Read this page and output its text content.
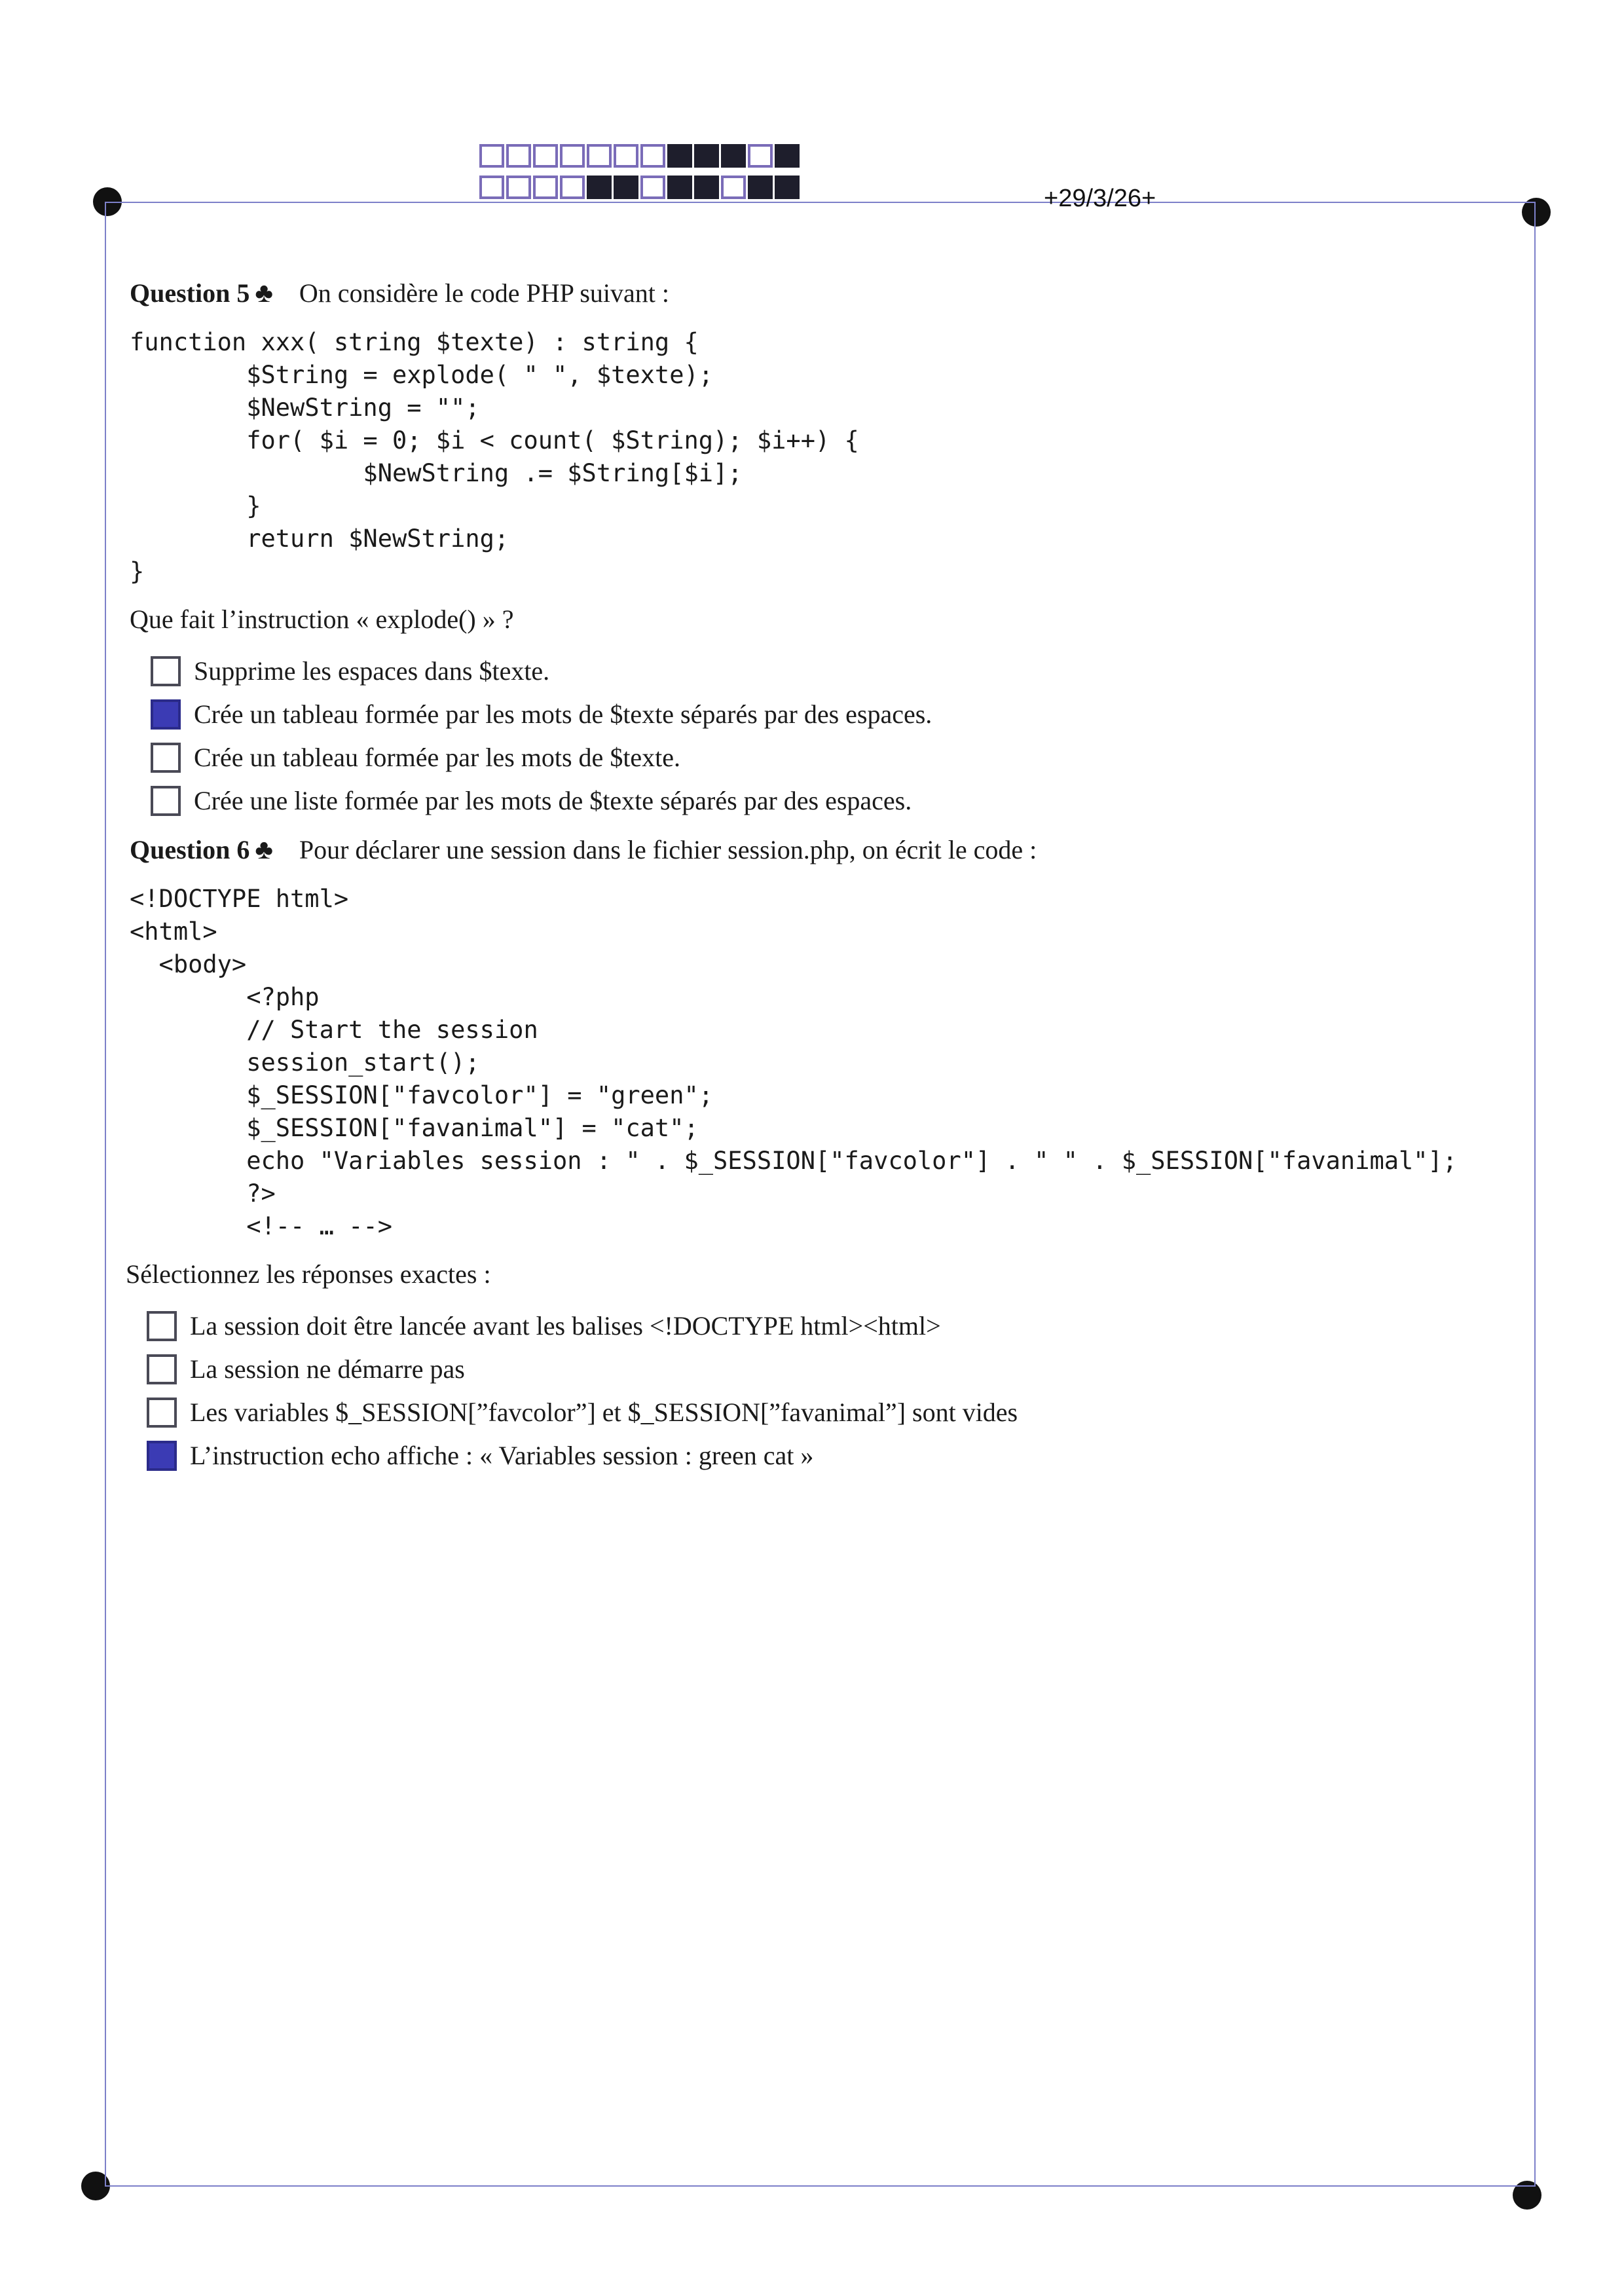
+29/3/26+
Question 5 ♣ On considère le code PHP suivant :
function xxx( string $texte) : string {
$String = explode( " ", $texte);
$NewString = "";
for( $i = 0; $i < count( $String); $i++) {
$NewString .= $String[$i];
}
return $NewString;
}
Que fait l’instruction « explode() » ?
Supprime les espaces dans $texte.
Crée un tableau formée par les mots de $texte séparés par des espaces.
Crée un tableau formée par les mots de $texte.
Crée une liste formée par les mots de $texte séparés par des espaces.
Question 6 ♣ Pour déclarer une session dans le fichier session.php, on écrit le code :
<!DOCTYPE html>
<html>
<body>
<?php
// Start the session
session_start();
$_SESSION["favcolor"] = "green";
$_SESSION["favanimal"] = "cat";
echo "Variables session : " . $_SESSION["favcolor"] . " " . $_SESSION["favanimal"];
?>
<!-- … -->
Sélectionnez les réponses exactes :
La session doit être lancée avant les balises <!DOCTYPE html><html>
La session ne démarre pas
Les variables $_SESSION[”favcolor”] et $_SESSION[”favanimal”] sont vides
L’instruction echo affiche : « Variables session : green cat »
